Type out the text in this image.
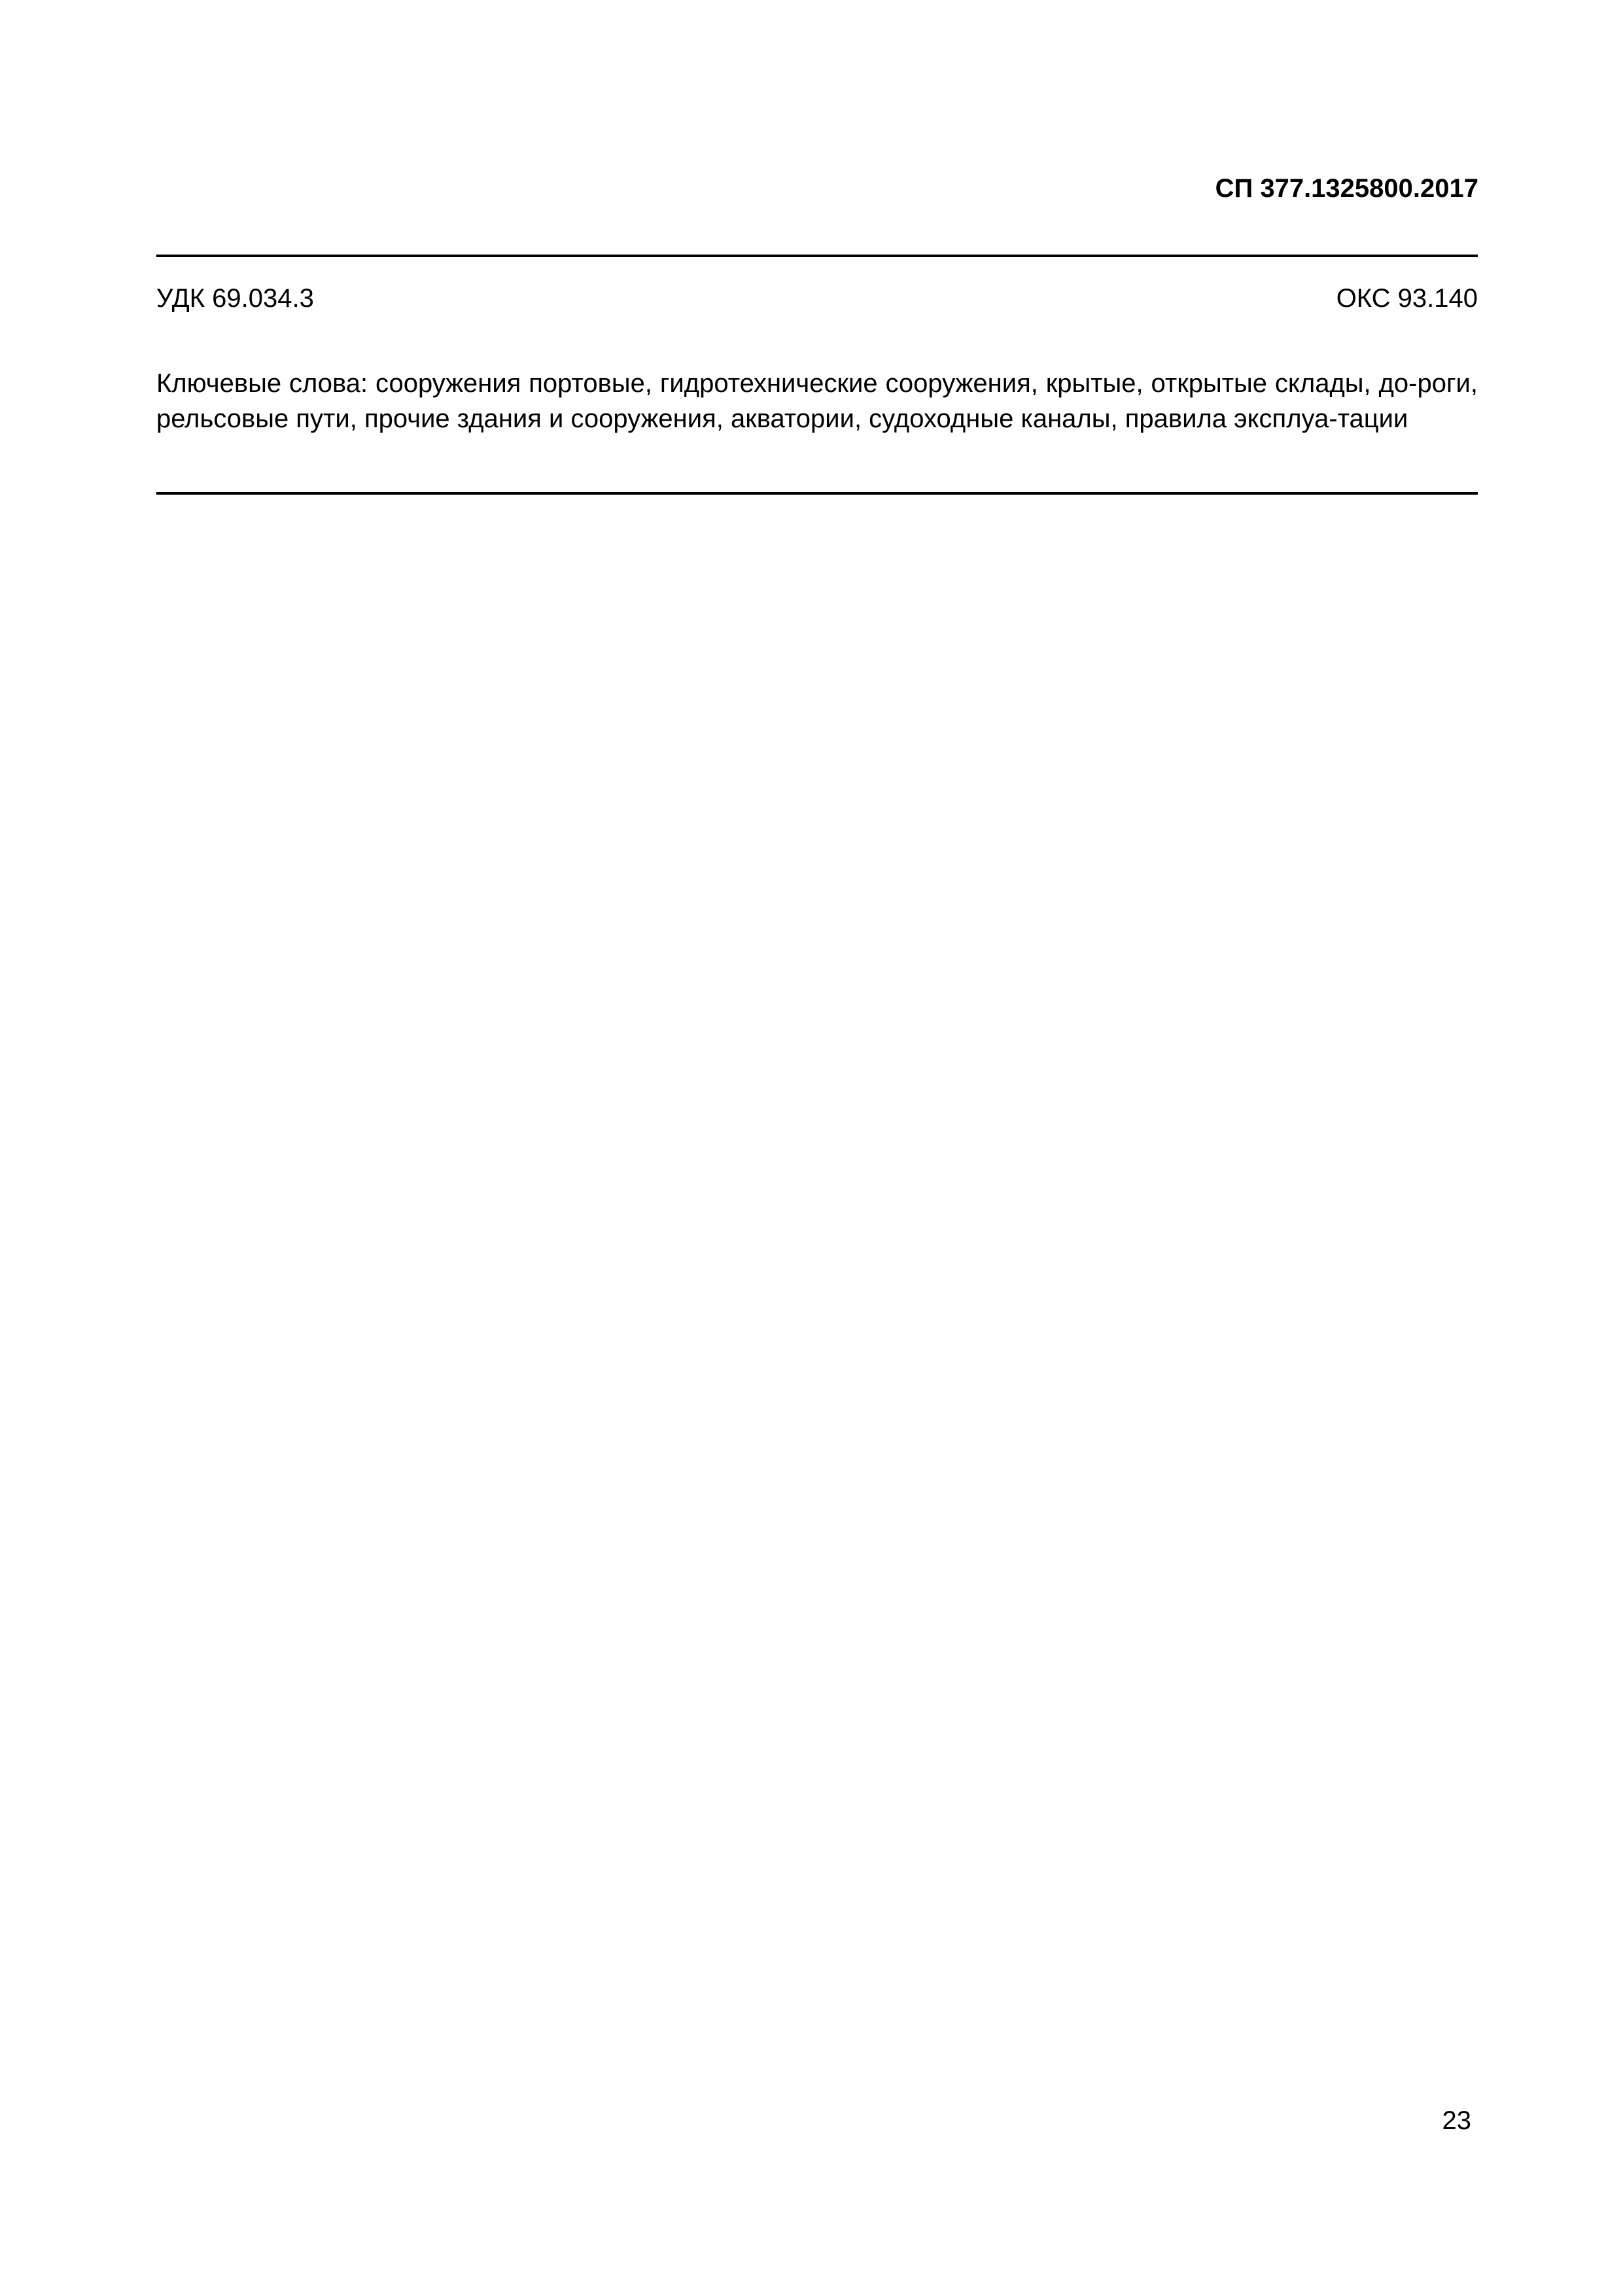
СП 377.1325800.2017
УДК 69.034.3	ОКС 93.140
Ключевые слова: сооружения портовые, гидротехнические сооружения, крытые, открытые склады, до-роги, рельсовые пути, прочие здания и сооружения, акватории, судоходные каналы, правила эксплуа-тации
23
